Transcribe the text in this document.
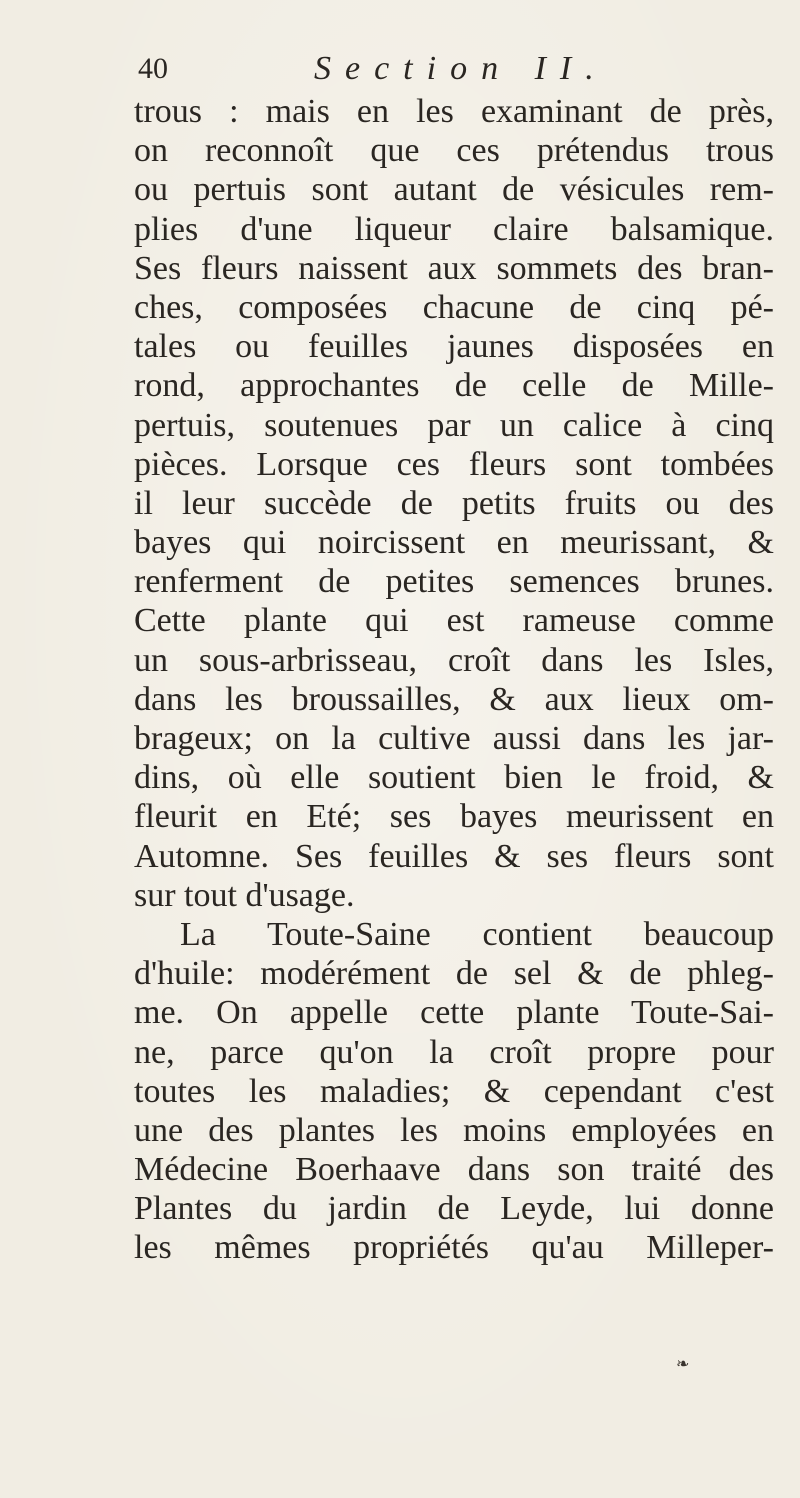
40	Section II.
trous : mais en les examinant de près,
on reconnoît que ces prétendus trous
ou pertuis sont autant de vésicules rem-
plies d'une liqueur claire balsamique.
Ses fleurs naissent aux sommets des bran-
ches, composées chacune de cinq pé-
tales ou feuilles jaunes disposées en
rond, approchantes de celle de Mille-
pertuis, soutenues par un calice à cinq
pièces. Lorsque ces fleurs sont tombées
il leur succède de petits fruits ou des
bayes qui noircissent en meurissant, &
renferment de petites semences brunes.
Cette plante qui est rameuse comme
un sous-arbrisseau, croît dans les Isles,
dans les broussailles, & aux lieux om-
brageux; on la cultive aussi dans les jar-
dins, où elle soutient bien le froid, &
fleurit en Eté; ses bayes meurissent en
Automne. Ses feuilles & ses fleurs sont
sur tout d'usage.
La Toute-Saine contient beaucoup
d'huile: modérément de sel & de phleg-
me. On appelle cette plante Toute-Sai-
ne, parce qu'on la croît propre pour
toutes les maladies; & cependant c'est
une des plantes les moins employées en
Médecine Boerhaave dans son traité des
Plantes du jardin de Leyde, lui donne
les mêmes propriétés qu'au Milleper-
❧
